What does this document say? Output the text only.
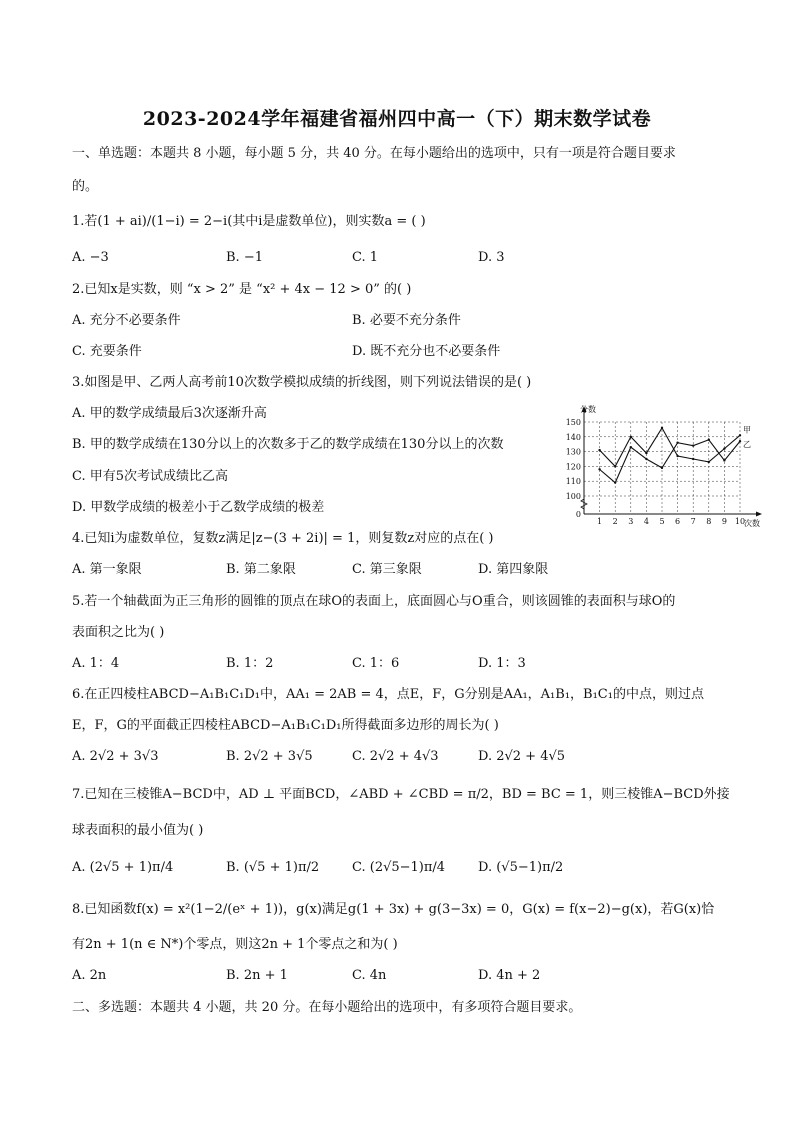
2023-2024学年福建省福州四中高一（下）期末数学试卷
一、单选题：本题共 8 小题，每小题 5 分，共 40 分。在每小题给出的选项中，只有一项是符合题目要求
的。
1.若(1 + ai)/(1−i) = 2−i(其中i是虚数单位)，则实数a = ( )
A. −3	B. −1	C. 1	D. 3
2.已知x是实数，则 “x > 2” 是 “x² + 4x − 12 > 0” 的( )
A. 充分不必要条件	B. 必要不充分条件
C. 充要条件	D. 既不充分也不必要条件
3.如图是甲、乙两人高考前10次数学模拟成绩的折线图，则下列说法错误的是( )
A. 甲的数学成绩最后3次逐渐升高
B. 甲的数学成绩在130分以上的次数多于乙的数学成绩在130分以上的次数
C. 甲有5次考试成绩比乙高
D. 甲数学成绩的极差小于乙数学成绩的极差
分数
次数
0
100
110
120
130
140
150
1 2 3 4 5 6 7 8 9 10
甲
乙
4.已知i为虚数单位，复数z满足|z−(3 + 2i)| = 1，则复数z对应的点在( )
A. 第一象限	B. 第二象限	C. 第三象限	D. 第四象限
5.若一个轴截面为正三角形的圆锥的顶点在球O的表面上，底面圆心与O重合，则该圆锥的表面积与球O的
表面积之比为( )
A. 1：4	B. 1：2	C. 1：6	D. 1：3
6.在正四棱柱ABCD−A₁B₁C₁D₁中，AA₁ = 2AB = 4，点E，F，G分别是AA₁，A₁B₁，B₁C₁的中点，则过点
E，F，G的平面截正四棱柱ABCD−A₁B₁C₁D₁所得截面多边形的周长为( )
A. 2√2 + 3√3	B. 2√2 + 3√5	C. 2√2 + 4√3	D. 2√2 + 4√5
7.已知在三棱锥A−BCD中，AD ⊥ 平面BCD，∠ABD + ∠CBD = π/2，BD = BC = 1，则三棱锥A−BCD外接
球表面积的最小值为( )
A. (2√5 + 1)π/4	B. (√5 + 1)π/2	C. (2√5−1)π/4	D. (√5−1)π/2
8.已知函数f(x) = x²(1−2/(eˣ + 1))，g(x)满足g(1 + 3x) + g(3−3x) = 0，G(x) = f(x−2)−g(x)，若G(x)恰
有2n + 1(n ∈ N*)个零点，则这2n + 1个零点之和为( )
A. 2n	B. 2n + 1	C. 4n	D. 4n + 2
二、多选题：本题共 4 小题，共 20 分。在每小题给出的选项中，有多项符合题目要求。
